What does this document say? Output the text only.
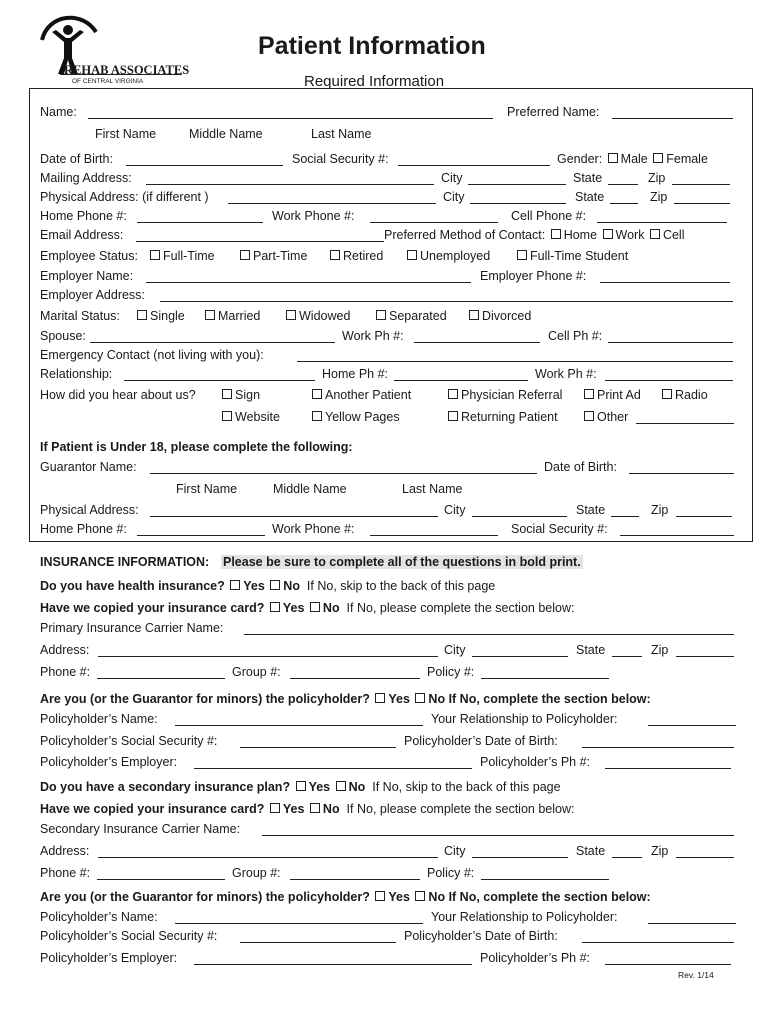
REHAB ASSOCIATES
OF CENTRAL VIRGINIA
Patient Information
Required Information
Name:	Preferred Name:
First Name	Middle Name	Last Name
Date of Birth:	Social Security #:	Gender: Male Female
Mailing Address:	City	State	Zip
Physical Address: (if different )	City	State	Zip
Home Phone #:	Work Phone #:	Cell Phone #:
Email Address:	Preferred Method of Contact: Home Work Cell
Employee Status:	Full-Time	Part-Time	Retired	Unemployed	Full-Time Student
Employer Name:	Employer Phone #:
Employer Address:
Marital Status:	Single	Married	Widowed	Separated	Divorced
Spouse:	Work Ph #:	Cell Ph #:
Emergency Contact (not living with you):
Relationship:	Home Ph #:	Work Ph #:
How did you hear about us?	Sign	Another Patient	Physician Referral	Print Ad	Radio
Website	Yellow Pages	Returning Patient	Other
If Patient is Under 18, please complete the following:
Guarantor Name:	Date of Birth:
First Name	Middle Name	Last Name
Physical Address:	City	State	Zip
Home Phone #:	Work Phone #:	Social Security #:
INSURANCE INFORMATION: Please be sure to complete all of the questions in bold print.
Do you have health insurance? Yes No If No, skip to the back of this page
Have we copied your insurance card? Yes No If No, please complete the section below:
Primary Insurance Carrier Name:
Address:	City	State	Zip
Phone #:	Group #:	Policy #:
Are you (or the Guarantor for minors) the policyholder? Yes No If No, complete the section below:
Policyholder’s Name:	Your Relationship to Policyholder:
Policyholder’s Social Security #:	Policyholder’s Date of Birth:
Policyholder’s Employer:	Policyholder’s Ph #:
Do you have a secondary insurance plan? Yes No If No, skip to the back of this page
Have we copied your insurance card? Yes No If No, please complete the section below:
Secondary Insurance Carrier Name:
Address:	City	State	Zip
Phone #:	Group #:	Policy #:
Are you (or the Guarantor for minors) the policyholder? Yes No If No, complete the section below:
Policyholder’s Name:	Your Relationship to Policyholder:
Policyholder’s Social Security #:	Policyholder’s Date of Birth:
Policyholder’s Employer:	Policyholder’s Ph #:
Rev. 1/14
